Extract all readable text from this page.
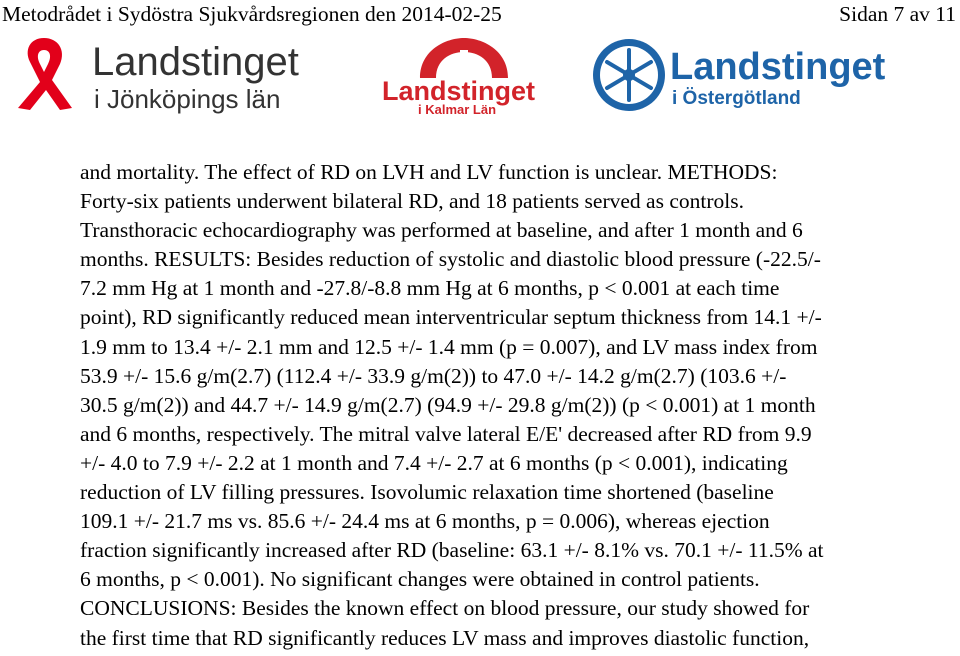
Metodrådet i Sydöstra Sjukvårdsregionen den 2014-02-25	Sidan 7 av 11
Landstinget
i Jönköpings län	Landstinget
i Kalmar Län
Landstinget
i Östergötland
and mortality. The effect of RD on LVH and LV function is unclear. METHODS:
Forty-six patients underwent bilateral RD, and 18 patients served as controls.
Transthoracic echocardiography was performed at baseline, and after 1 month and 6
months. RESULTS: Besides reduction of systolic and diastolic blood pressure (-22.5/-
7.2 mm Hg at 1 month and -27.8/-8.8 mm Hg at 6 months, p < 0.001 at each time
point), RD significantly reduced mean interventricular septum thickness from 14.1 +/-
1.9 mm to 13.4 +/- 2.1 mm and 12.5 +/- 1.4 mm (p = 0.007), and LV mass index from
53.9 +/- 15.6 g/m(2.7) (112.4 +/- 33.9 g/m(2)) to 47.0 +/- 14.2 g/m(2.7) (103.6 +/-
30.5 g/m(2)) and 44.7 +/- 14.9 g/m(2.7) (94.9 +/- 29.8 g/m(2)) (p < 0.001) at 1 month
and 6 months, respectively. The mitral valve lateral E/E' decreased after RD from 9.9
+/- 4.0 to 7.9 +/- 2.2 at 1 month and 7.4 +/- 2.7 at 6 months (p < 0.001), indicating
reduction of LV filling pressures. Isovolumic relaxation time shortened (baseline
109.1 +/- 21.7 ms vs. 85.6 +/- 24.4 ms at 6 months, p = 0.006), whereas ejection
fraction significantly increased after RD (baseline: 63.1 +/- 8.1% vs. 70.1 +/- 11.5% at
6 months, p < 0.001). No significant changes were obtained in control patients.
CONCLUSIONS: Besides the known effect on blood pressure, our study showed for
the first time that RD significantly reduces LV mass and improves diastolic function,
